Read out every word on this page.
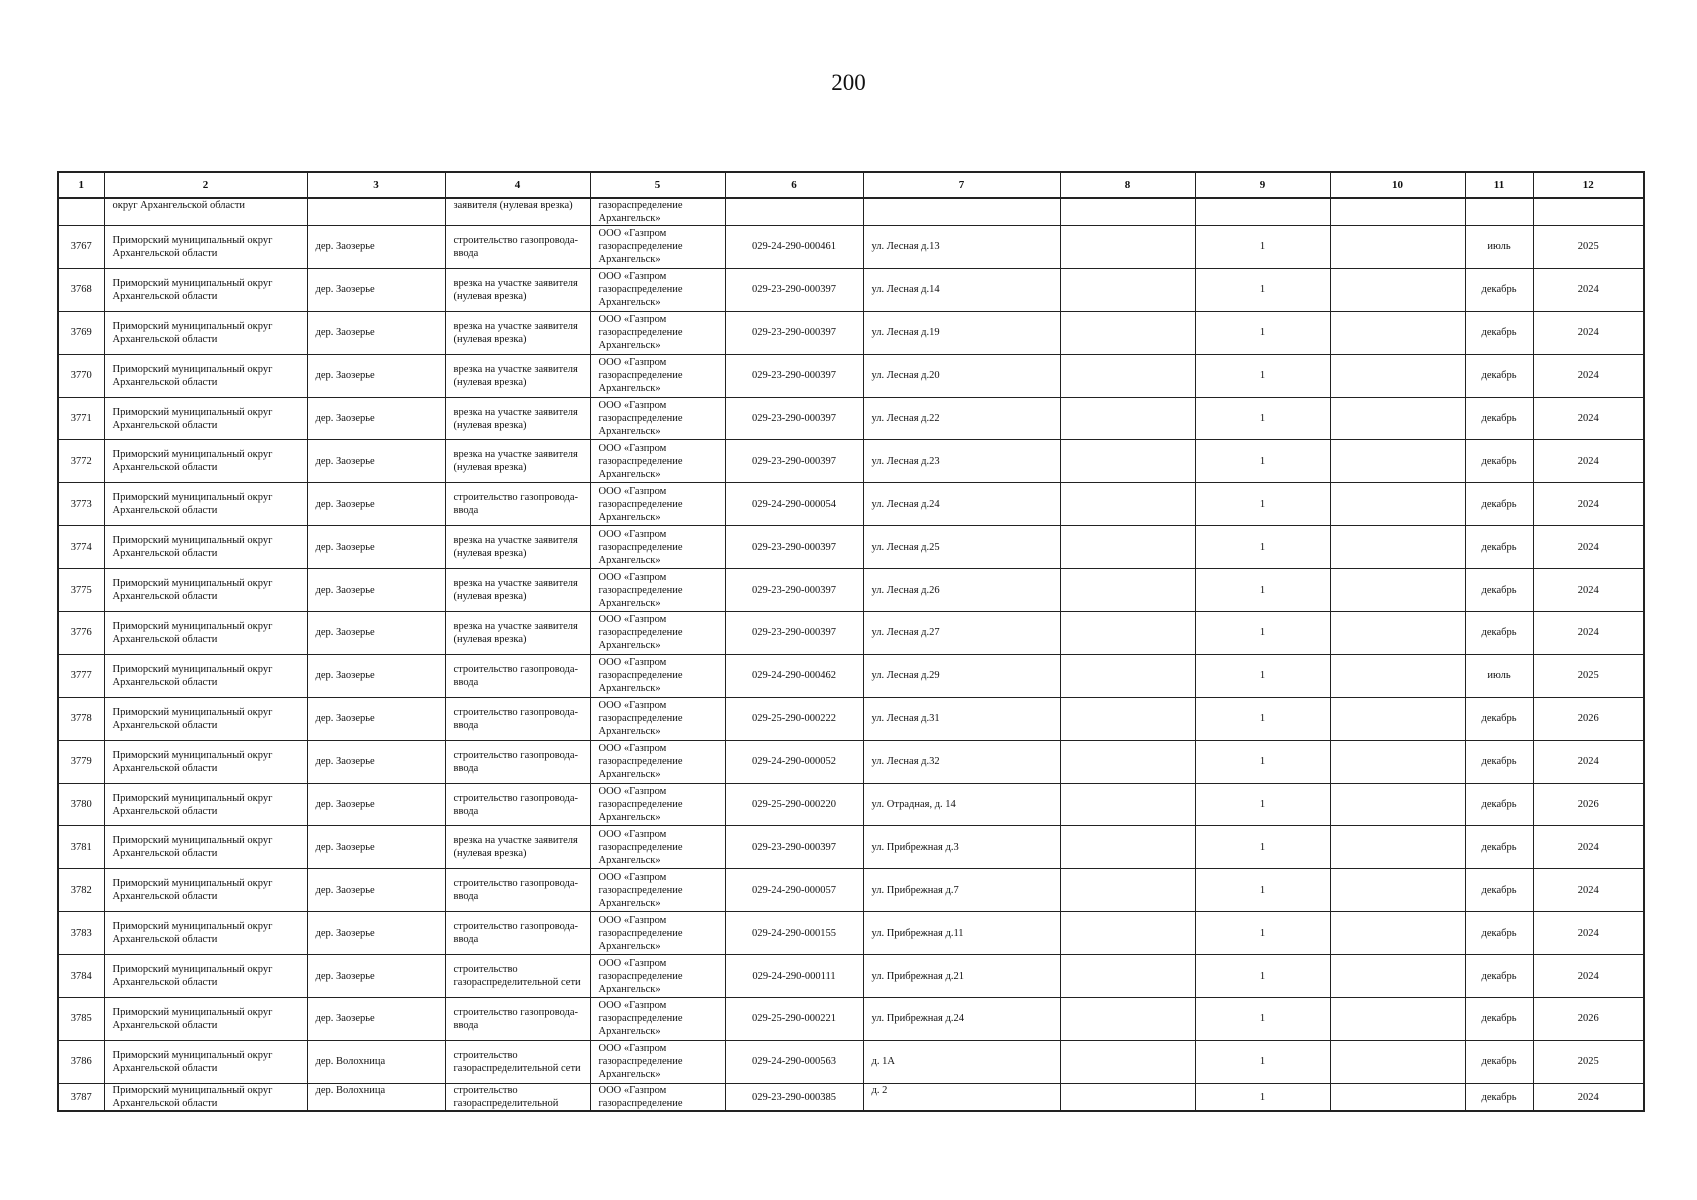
200
1	2	3	4	5	6	7	8	9	10	11	12
	округ Архангельской области		заявителя (нулевая врезка)	газораспределение Архангельск»							
3767	Приморский муниципальный округ Архангельской области	дер. Заозерье	строительство газопровода-ввода	ООО «Газпром газораспределение Архангельск»	029-24-290-000461	ул. Лесная д.13		1		июль	2025
3768	Приморский муниципальный округ Архангельской области	дер. Заозерье	врезка на участке заявителя (нулевая врезка)	ООО «Газпром газораспределение Архангельск»	029-23-290-000397	ул. Лесная д.14		1		декабрь	2024
3769	Приморский муниципальный округ Архангельской области	дер. Заозерье	врезка на участке заявителя (нулевая врезка)	ООО «Газпром газораспределение Архангельск»	029-23-290-000397	ул. Лесная д.19		1		декабрь	2024
3770	Приморский муниципальный округ Архангельской области	дер. Заозерье	врезка на участке заявителя (нулевая врезка)	ООО «Газпром газораспределение Архангельск»	029-23-290-000397	ул. Лесная д.20		1		декабрь	2024
3771	Приморский муниципальный округ Архангельской области	дер. Заозерье	врезка на участке заявителя (нулевая врезка)	ООО «Газпром газораспределение Архангельск»	029-23-290-000397	ул. Лесная д.22		1		декабрь	2024
3772	Приморский муниципальный округ Архангельской области	дер. Заозерье	врезка на участке заявителя (нулевая врезка)	ООО «Газпром газораспределение Архангельск»	029-23-290-000397	ул. Лесная д.23		1		декабрь	2024
3773	Приморский муниципальный округ Архангельской области	дер. Заозерье	строительство газопровода-ввода	ООО «Газпром газораспределение Архангельск»	029-24-290-000054	ул. Лесная д.24		1		декабрь	2024
3774	Приморский муниципальный округ Архангельской области	дер. Заозерье	врезка на участке заявителя (нулевая врезка)	ООО «Газпром газораспределение Архангельск»	029-23-290-000397	ул. Лесная д.25		1		декабрь	2024
3775	Приморский муниципальный округ Архангельской области	дер. Заозерье	врезка на участке заявителя (нулевая врезка)	ООО «Газпром газораспределение Архангельск»	029-23-290-000397	ул. Лесная д.26		1		декабрь	2024
3776	Приморский муниципальный округ Архангельской области	дер. Заозерье	врезка на участке заявителя (нулевая врезка)	ООО «Газпром газораспределение Архангельск»	029-23-290-000397	ул. Лесная д.27		1		декабрь	2024
3777	Приморский муниципальный округ Архангельской области	дер. Заозерье	строительство газопровода-ввода	ООО «Газпром газораспределение Архангельск»	029-24-290-000462	ул. Лесная д.29		1		июль	2025
3778	Приморский муниципальный округ Архангельской области	дер. Заозерье	строительство газопровода-ввода	ООО «Газпром газораспределение Архангельск»	029-25-290-000222	ул. Лесная д.31		1		декабрь	2026
3779	Приморский муниципальный округ Архангельской области	дер. Заозерье	строительство газопровода-ввода	ООО «Газпром газораспределение Архангельск»	029-24-290-000052	ул. Лесная д.32		1		декабрь	2024
3780	Приморский муниципальный округ Архангельской области	дер. Заозерье	строительство газопровода-ввода	ООО «Газпром газораспределение Архангельск»	029-25-290-000220	ул. Отрадная, д. 14		1		декабрь	2026
3781	Приморский муниципальный округ Архангельской области	дер. Заозерье	врезка на участке заявителя (нулевая врезка)	ООО «Газпром газораспределение Архангельск»	029-23-290-000397	ул. Прибрежная д.3		1		декабрь	2024
3782	Приморский муниципальный округ Архангельской области	дер. Заозерье	строительство газопровода-ввода	ООО «Газпром газораспределение Архангельск»	029-24-290-000057	ул. Прибрежная д.7		1		декабрь	2024
3783	Приморский муниципальный округ Архангельской области	дер. Заозерье	строительство газопровода-ввода	ООО «Газпром газораспределение Архангельск»	029-24-290-000155	ул. Прибрежная д.11		1		декабрь	2024
3784	Приморский муниципальный округ Архангельской области	дер. Заозерье	строительство газораспределительной сети	ООО «Газпром газораспределение Архангельск»	029-24-290-000111	ул. Прибрежная д.21		1		декабрь	2024
3785	Приморский муниципальный округ Архангельской области	дер. Заозерье	строительство газопровода-ввода	ООО «Газпром газораспределение Архангельск»	029-25-290-000221	ул. Прибрежная д.24		1		декабрь	2026
3786	Приморский муниципальный округ Архангельской области	дер. Волохница	строительство газораспределительной сети	ООО «Газпром газораспределение Архангельск»	029-24-290-000563	д. 1А		1		декабрь	2025
3787	Приморский муниципальный округ Архангельской области	дер. Волохница	строительство газораспределительной	ООО «Газпром газораспределение	029-23-290-000385	д. 2		1		декабрь	2024
